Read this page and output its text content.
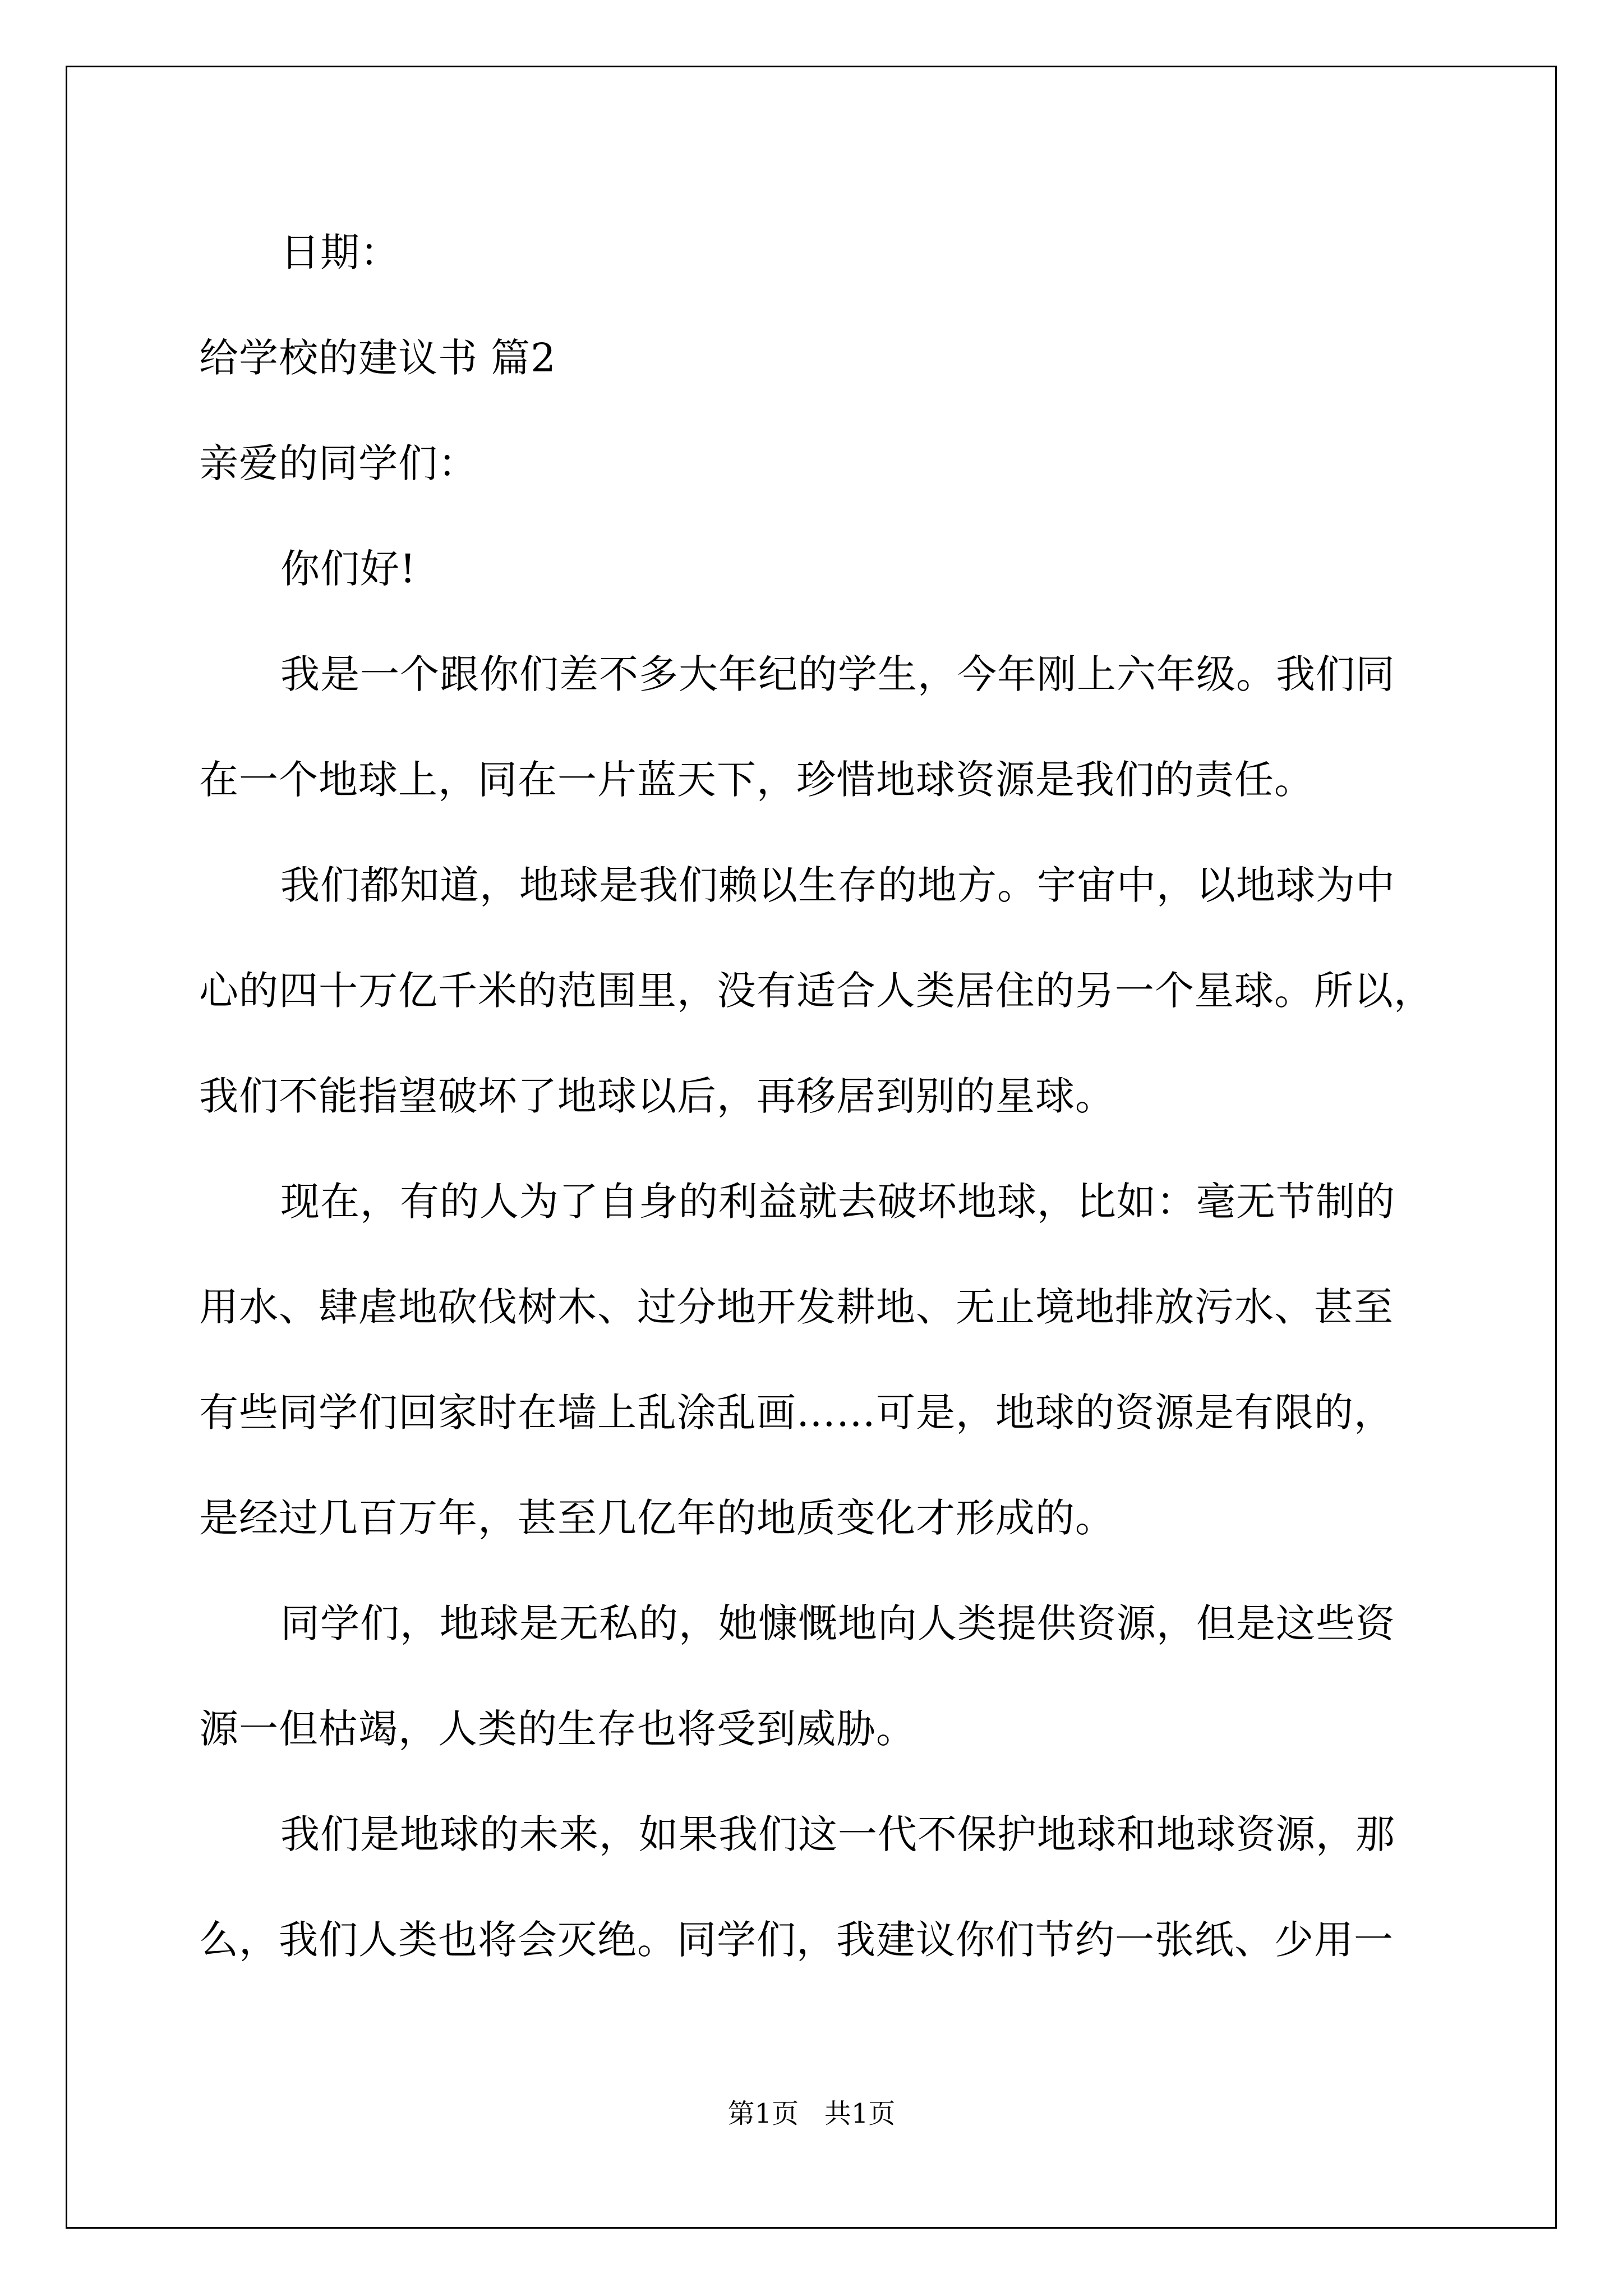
日期：
给学校的建议书 篇2
亲爱的同学们：
你们好!
我是一个跟你们差不多大年纪的学生，今年刚上六年级。我们同
在一个地球上，同在一片蓝天下，珍惜地球资源是我们的责任。
我们都知道，地球是我们赖以生存的地方。宇宙中，以地球为中
心的四十万亿千米的范围里，没有适合人类居住的另一个星球。所以，
我们不能指望破坏了地球以后，再移居到别的星球。
现在，有的人为了自身的利益就去破坏地球，比如：毫无节制的
用水、肆虐地砍伐树木、过分地开发耕地、无止境地排放污水、甚至
有些同学们回家时在墙上乱涂乱画……可是，地球的资源是有限的，
是经过几百万年，甚至几亿年的地质变化才形成的。
同学们，地球是无私的，她慷慨地向人类提供资源，但是这些资
源一但枯竭，人类的生存也将受到威胁。
我们是地球的未来，如果我们这一代不保护地球和地球资源，那
么，我们人类也将会灭绝。同学们，我建议你们节约一张纸、少用一
第1页   共1页
